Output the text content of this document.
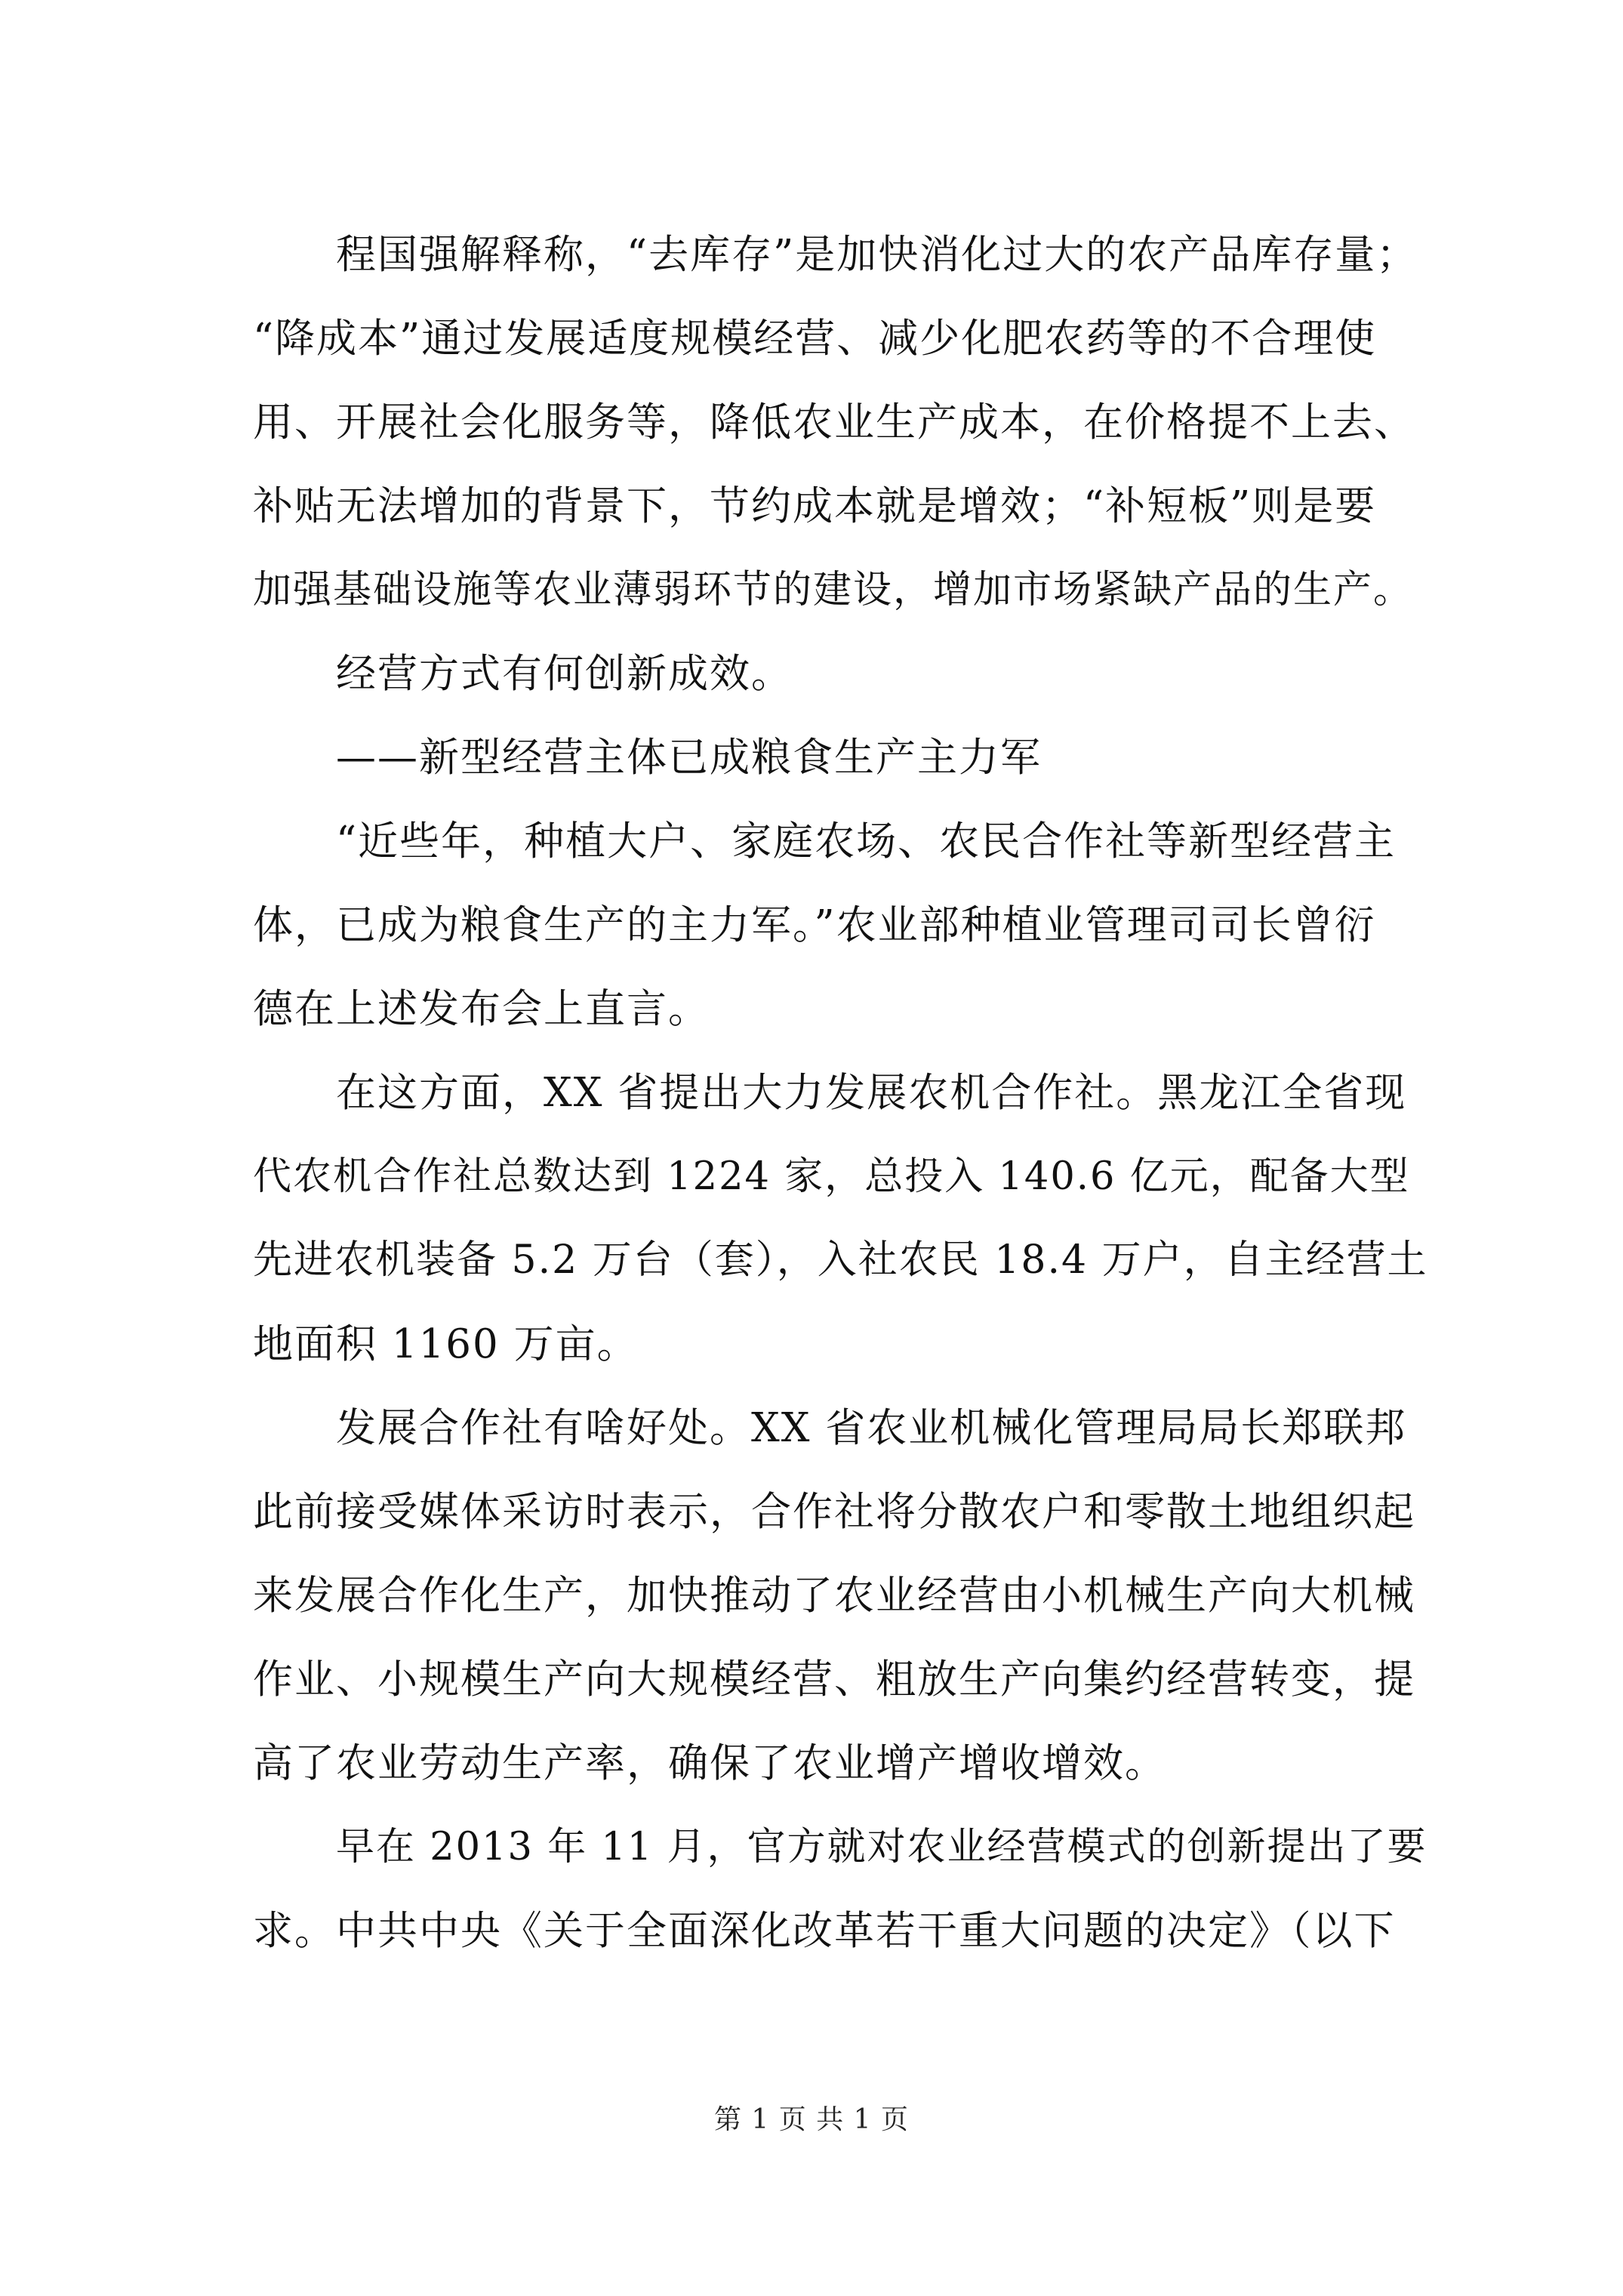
程国强解释称，“去库存”是加快消化过大的农产品库存量；
“降成本”通过发展适度规模经营、减少化肥农药等的不合理使
用、开展社会化服务等，降低农业生产成本，在价格提不上去、
补贴无法增加的背景下，节约成本就是增效；“补短板”则是要
加强基础设施等农业薄弱环节的建设，增加市场紧缺产品的生产。
经营方式有何创新成效。
——新型经营主体已成粮食生产主力军
“近些年，种植大户、家庭农场、农民合作社等新型经营主
体，已成为粮食生产的主力军。”农业部种植业管理司司长曾衍
德在上述发布会上直言。
在这方面，XX 省提出大力发展农机合作社。黑龙江全省现
代农机合作社总数达到 1224 家，总投入 140.6 亿元，配备大型
先进农机装备 5.2 万台（套），入社农民 18.4 万户，自主经营土
地面积 1160 万亩。
发展合作社有啥好处。XX 省农业机械化管理局局长郑联邦
此前接受媒体采访时表示，合作社将分散农户和零散土地组织起
来发展合作化生产，加快推动了农业经营由小机械生产向大机械
作业、小规模生产向大规模经营、粗放生产向集约经营转变，提
高了农业劳动生产率，确保了农业增产增收增效。
早在 2013 年 11 月，官方就对农业经营模式的创新提出了要
求。中共中央《关于全面深化改革若干重大问题的决定》（以下
第 1 页 共 1 页
